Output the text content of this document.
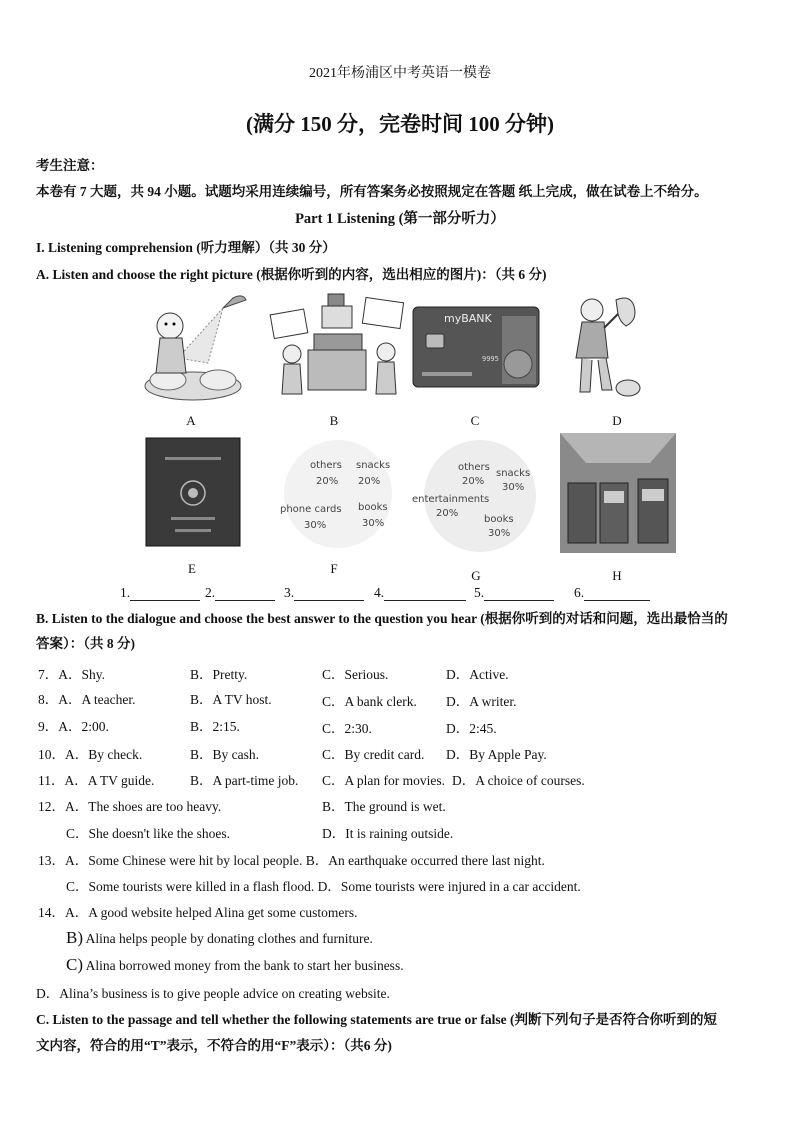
2021年杨浦区中考英语一模卷
(满分 150 分，完卷时间 100 分钟)
考生注意：
本卷有 7 大题，共 94 小题。试题均采用连续编号，所有答案务必按照规定在答题 纸上完成，做在试卷上不给分。
Part 1 Listening (第一部分听力）
I. Listening comprehension (听力理解）（共 30 分）
A. Listen and choose the right picture (根据你听到的内容，选出相应的图片)：（共 6 分)
A	B
myBANK
9995
C	D
E
others snacks
20% 20%
phone cards books
30%	30%
F
others
snacks
20%
30%
entertainments
20%
books
30%
G	H
1.	2.	3.	4.	5.	6.
B. Listen to the dialogue and choose the best answer to the question you hear (根据你听到的对话和问题，选出最恰当的
答案）：（共 8 分)
7．A．Shy.	B．Pretty.	C．Serious.	D．Active.
8．A．A teacher.	B．A TV host.	C．A bank clerk. D．A writer.
9．A．2:00.	B．2:15.	C．2:30.	D．2:45.
10．A．By check.	B．By cash.	C．By credit card. D．By Apple Pay.
11．A．A TV guide.	B．A part-time job. C．A plan for movies. D．A choice of courses.
12．A．The shoes are too heavy.	B．The ground is wet.
C．She doesn't like the shoes.	D．It is raining outside.
13．A．Some Chinese were hit by local people. B．An earthquake occurred there last night.
C．Some tourists were killed in a flash flood. D．Some tourists were injured in a car accident.
14．A．A good website helped Alina get some customers.
B) Alina helps people by donating clothes and furniture.
C) Alina borrowed money from the bank to start her business.
D．Alina’s business is to give people advice on creating website.
C. Listen to the passage and tell whether the following statements are true or false (判断下列句子是否符合你听到的短
文内容，符合的用“T”表示，不符合的用“F”表示）：（共6 分)
